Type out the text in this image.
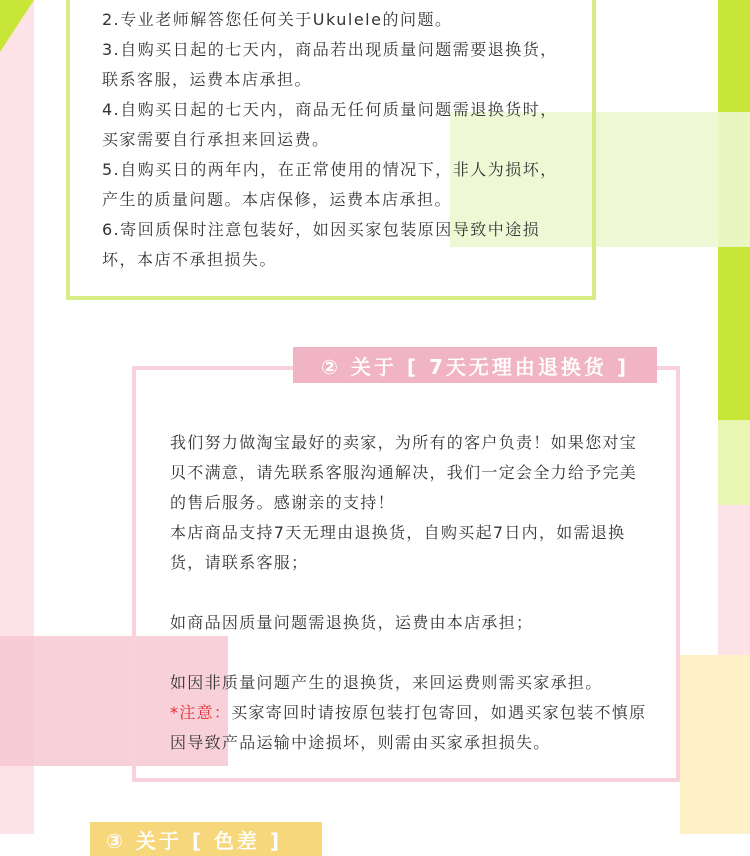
2.专业老师解答您任何关于Ukulele的问题。
3.自购买日起的七天内，商品若出现质量问题需要退换货，联系客服，运费本店承担。
4.自购买日起的七天内，商品无任何质量问题需退换货时，买家需要自行承担来回运费。
5.自购买日的两年内，在正常使用的情况下，非人为损坏，产生的质量问题。本店保修，运费本店承担。
6.寄回质保时注意包装好，如因买家包装原因导致中途损坏，本店不承担损失。
② 关于 [ 7天无理由退换货 ]

我们努力做淘宝最好的卖家，为所有的客户负责！如果您对宝贝不满意，请先联系客服沟通解决，我们一定会全力给予完美的售后服务。感谢亲的支持！

本店商品支持7天无理由退换货，自购买起7日内，如需退换货，请联系客服；

如商品因质量问题需退换货，运费由本店承担；

如因非质量问题产生的退换货，来回运费则需买家承担。

*注意：买家寄回时请按原包装打包寄回，如遇买家包装不慎原因导致产品运输中途损坏，则需由买家承担损失。

③ 关于 [ 色差 ]
